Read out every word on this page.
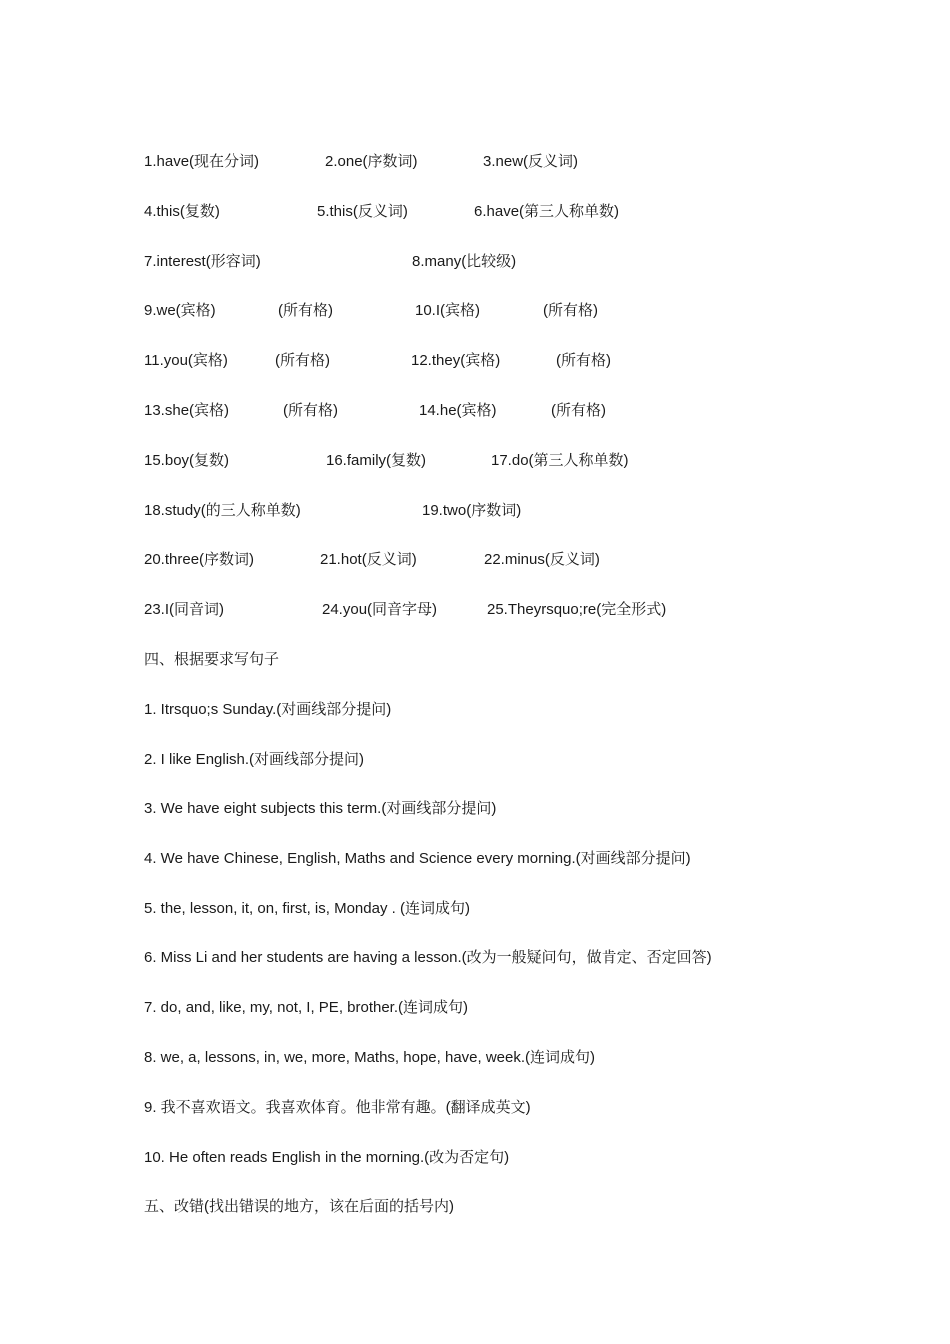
1.have(现在分词)	2.one(序数词)	3.new(反义词)
4.this(复数)	5.this(反义词)	6.have(第三人称单数)
7.interest(形容词)	8.many(比较级)
9.we(宾格)	(所有格)	10.I(宾格)	(所有格)
11.you(宾格)	(所有格)	12.they(宾格)	(所有格)
13.she(宾格)	(所有格)	14.he(宾格)	(所有格)
15.boy(复数)	16.family(复数)	17.do(第三人称单数)
18.study(的三人称单数)	19.two(序数词)
20.three(序数词)	21.hot(反义词)	22.minus(反义词)
23.I(同音词)	24.you(同音字母)	25.Theyrsquo;re(完全形式)
四、根据要求写句子
1. Itrsquo;s Sunday.(对画线部分提问)
2. I like English.(对画线部分提问)
3. We have eight subjects this term.(对画线部分提问)
4. We have Chinese, English, Maths and Science every morning.(对画线部分提问)
5. the, lesson, it, on, first, is, Monday . (连词成句)
6. Miss Li and her students are having a lesson.(改为一般疑问句，做肯定、否定回答)
7. do, and, like, my, not, I, PE, brother.(连词成句)
8. we, a, lessons, in, we, more, Maths, hope, have, week.(连词成句)
9. 我不喜欢语文。我喜欢体育。他非常有趣。(翻译成英文)
10. He often reads English in the morning.(改为否定句)
五、改错(找出错误的地方，该在后面的括号内)
